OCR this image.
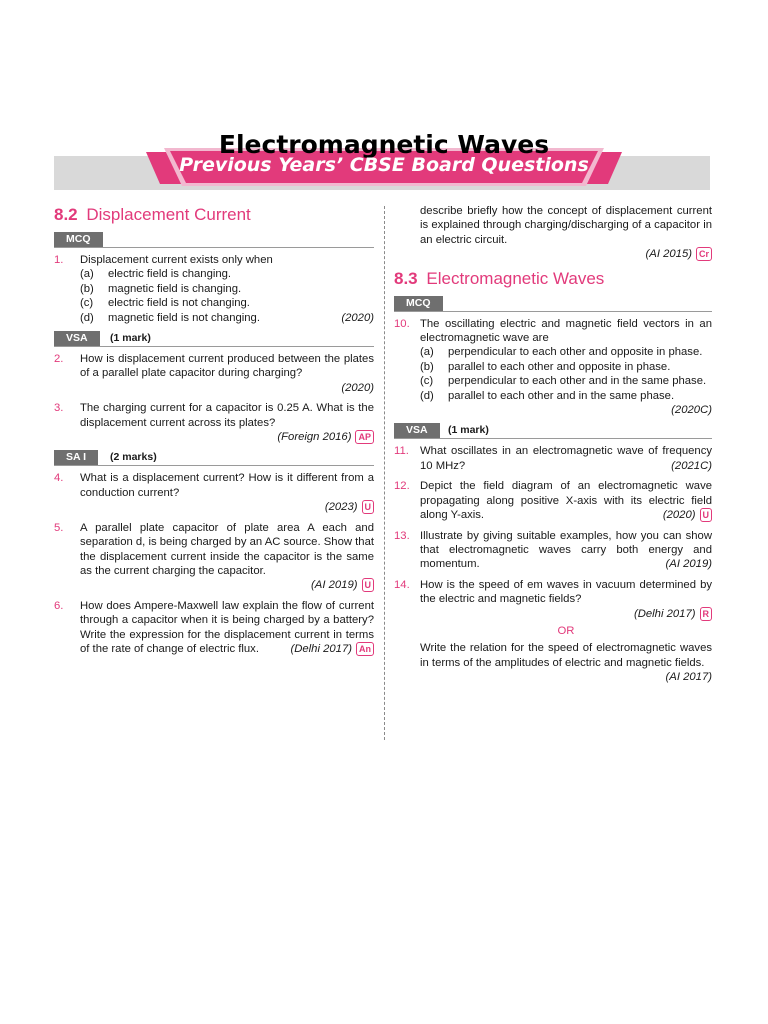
Electromagnetic Waves
Previous Years’ CBSE Board Questions
8.2 Displacement Current
MCQ
1.	Displacement current exists only when
(a)	electric field is changing.
(b)	magnetic field is changing.
(c)	electric field is not changing.
(d)	magnetic field is not changing.	(2020)
VSA	(1 mark)
2.	How is displacement current produced between the plates of a parallel plate capacitor during charging?
(2020)
3.	The charging current for a capacitor is 0.25 A. What is the displacement current across its plates?
(Foreign 2016) AP
SA I	(2 marks)
4.	What is a displacement current? How is it different from a conduction current?
(2023) U
5.	A parallel plate capacitor of plate area A each and separation d, is being charged by an AC source. Show that the displacement current inside the capacitor is the same as the current charging the capacitor.
(AI 2019) U
6.	How does Ampere-Maxwell law explain the flow of current through a capacitor when it is being charged by a battery? Write the expression for the displacement current in terms of the rate of change of electric flux.	(Delhi 2017) An
describe briefly how the concept of displacement current is explained through charging/discharging of a capacitor in an electric circuit.
(AI 2015) Cr
8.3 Electromagnetic Waves
MCQ
10. The oscillating electric and magnetic field vectors in an electromagnetic wave are
(a)	perpendicular to each other and opposite in phase.
(b)	parallel to each other and opposite in phase.
(c)	perpendicular to each other and in the same phase.
(d)	parallel to each other and in the same phase.
(2020C)
VSA	(1 mark)
11. What oscillates in an electromagnetic wave of frequency 10 MHz?	(2021C)
12. Depict the field diagram of an electromagnetic wave propagating along positive X-axis with its electric field along Y-axis.	(2020) U
13. Illustrate by giving suitable examples, how you can show that electromagnetic waves carry both energy and momentum.	(AI 2019)
14. How is the speed of em waves in vacuum determined by the electric and magnetic fields?
(Delhi 2017) R
OR
Write the relation for the speed of electromagnetic waves in terms of the amplitudes of electric and magnetic fields.
(AI 2017)
